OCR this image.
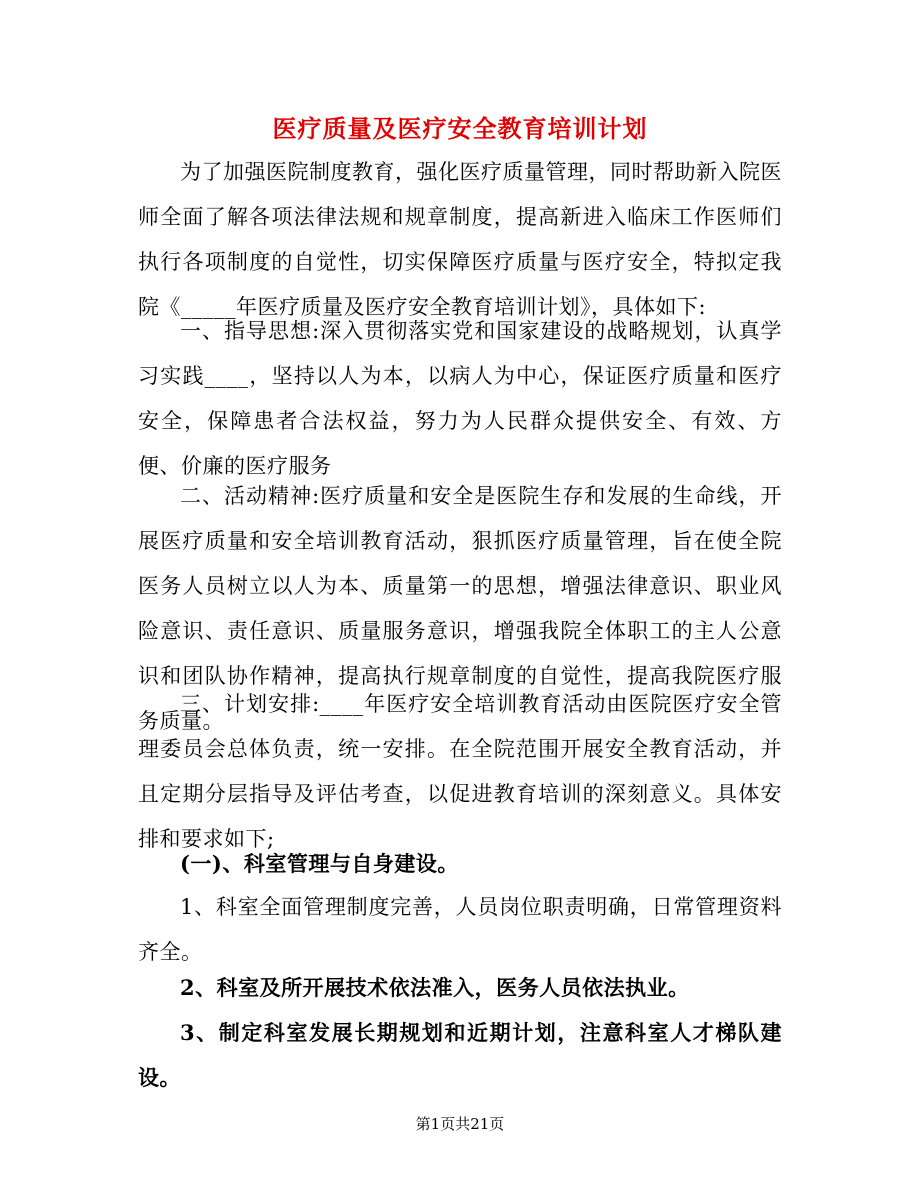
医疗质量及医疗安全教育培训计划

为了加强医院制度教育，强化医疗质量管理，同时帮助新入院医师全面了解各项法律法规和规章制度，提高新进入临床工作医师们执行各项制度的自觉性，切实保障医疗质量与医疗安全，特拟定我院《_____年医疗质量及医疗安全教育培训计划》，具体如下:

一、指导思想:深入贯彻落实党和国家建设的战略规划，认真学习实践____，坚持以人为本，以病人为中心，保证医疗质量和医疗安全，保障患者合法权益，努力为人民群众提供安全、有效、方便、价廉的医疗服务

二、活动精神:医疗质量和安全是医院生存和发展的生命线，开展医疗质量和安全培训教育活动，狠抓医疗质量管理，旨在使全院医务人员树立以人为本、质量第一的思想，增强法律意识、职业风险意识、责任意识、质量服务意识，增强我院全体职工的主人公意识和团队协作精神，提高执行规章制度的自觉性，提高我院医疗服务质量。

三、计划安排:____年医疗安全培训教育活动由医院医疗安全管理委员会总体负责，统一安排。在全院范围开展安全教育活动，并且定期分层指导及评估考查，以促进教育培训的深刻意义。具体安排和要求如下;

(一)、科室管理与自身建设。

1、科室全面管理制度完善，人员岗位职责明确，日常管理资料齐全。

2、科室及所开展技术依法准入，医务人员依法执业。

3、制定科室发展长期规划和近期计划，注意科室人才梯队建设。

第1页共21页
